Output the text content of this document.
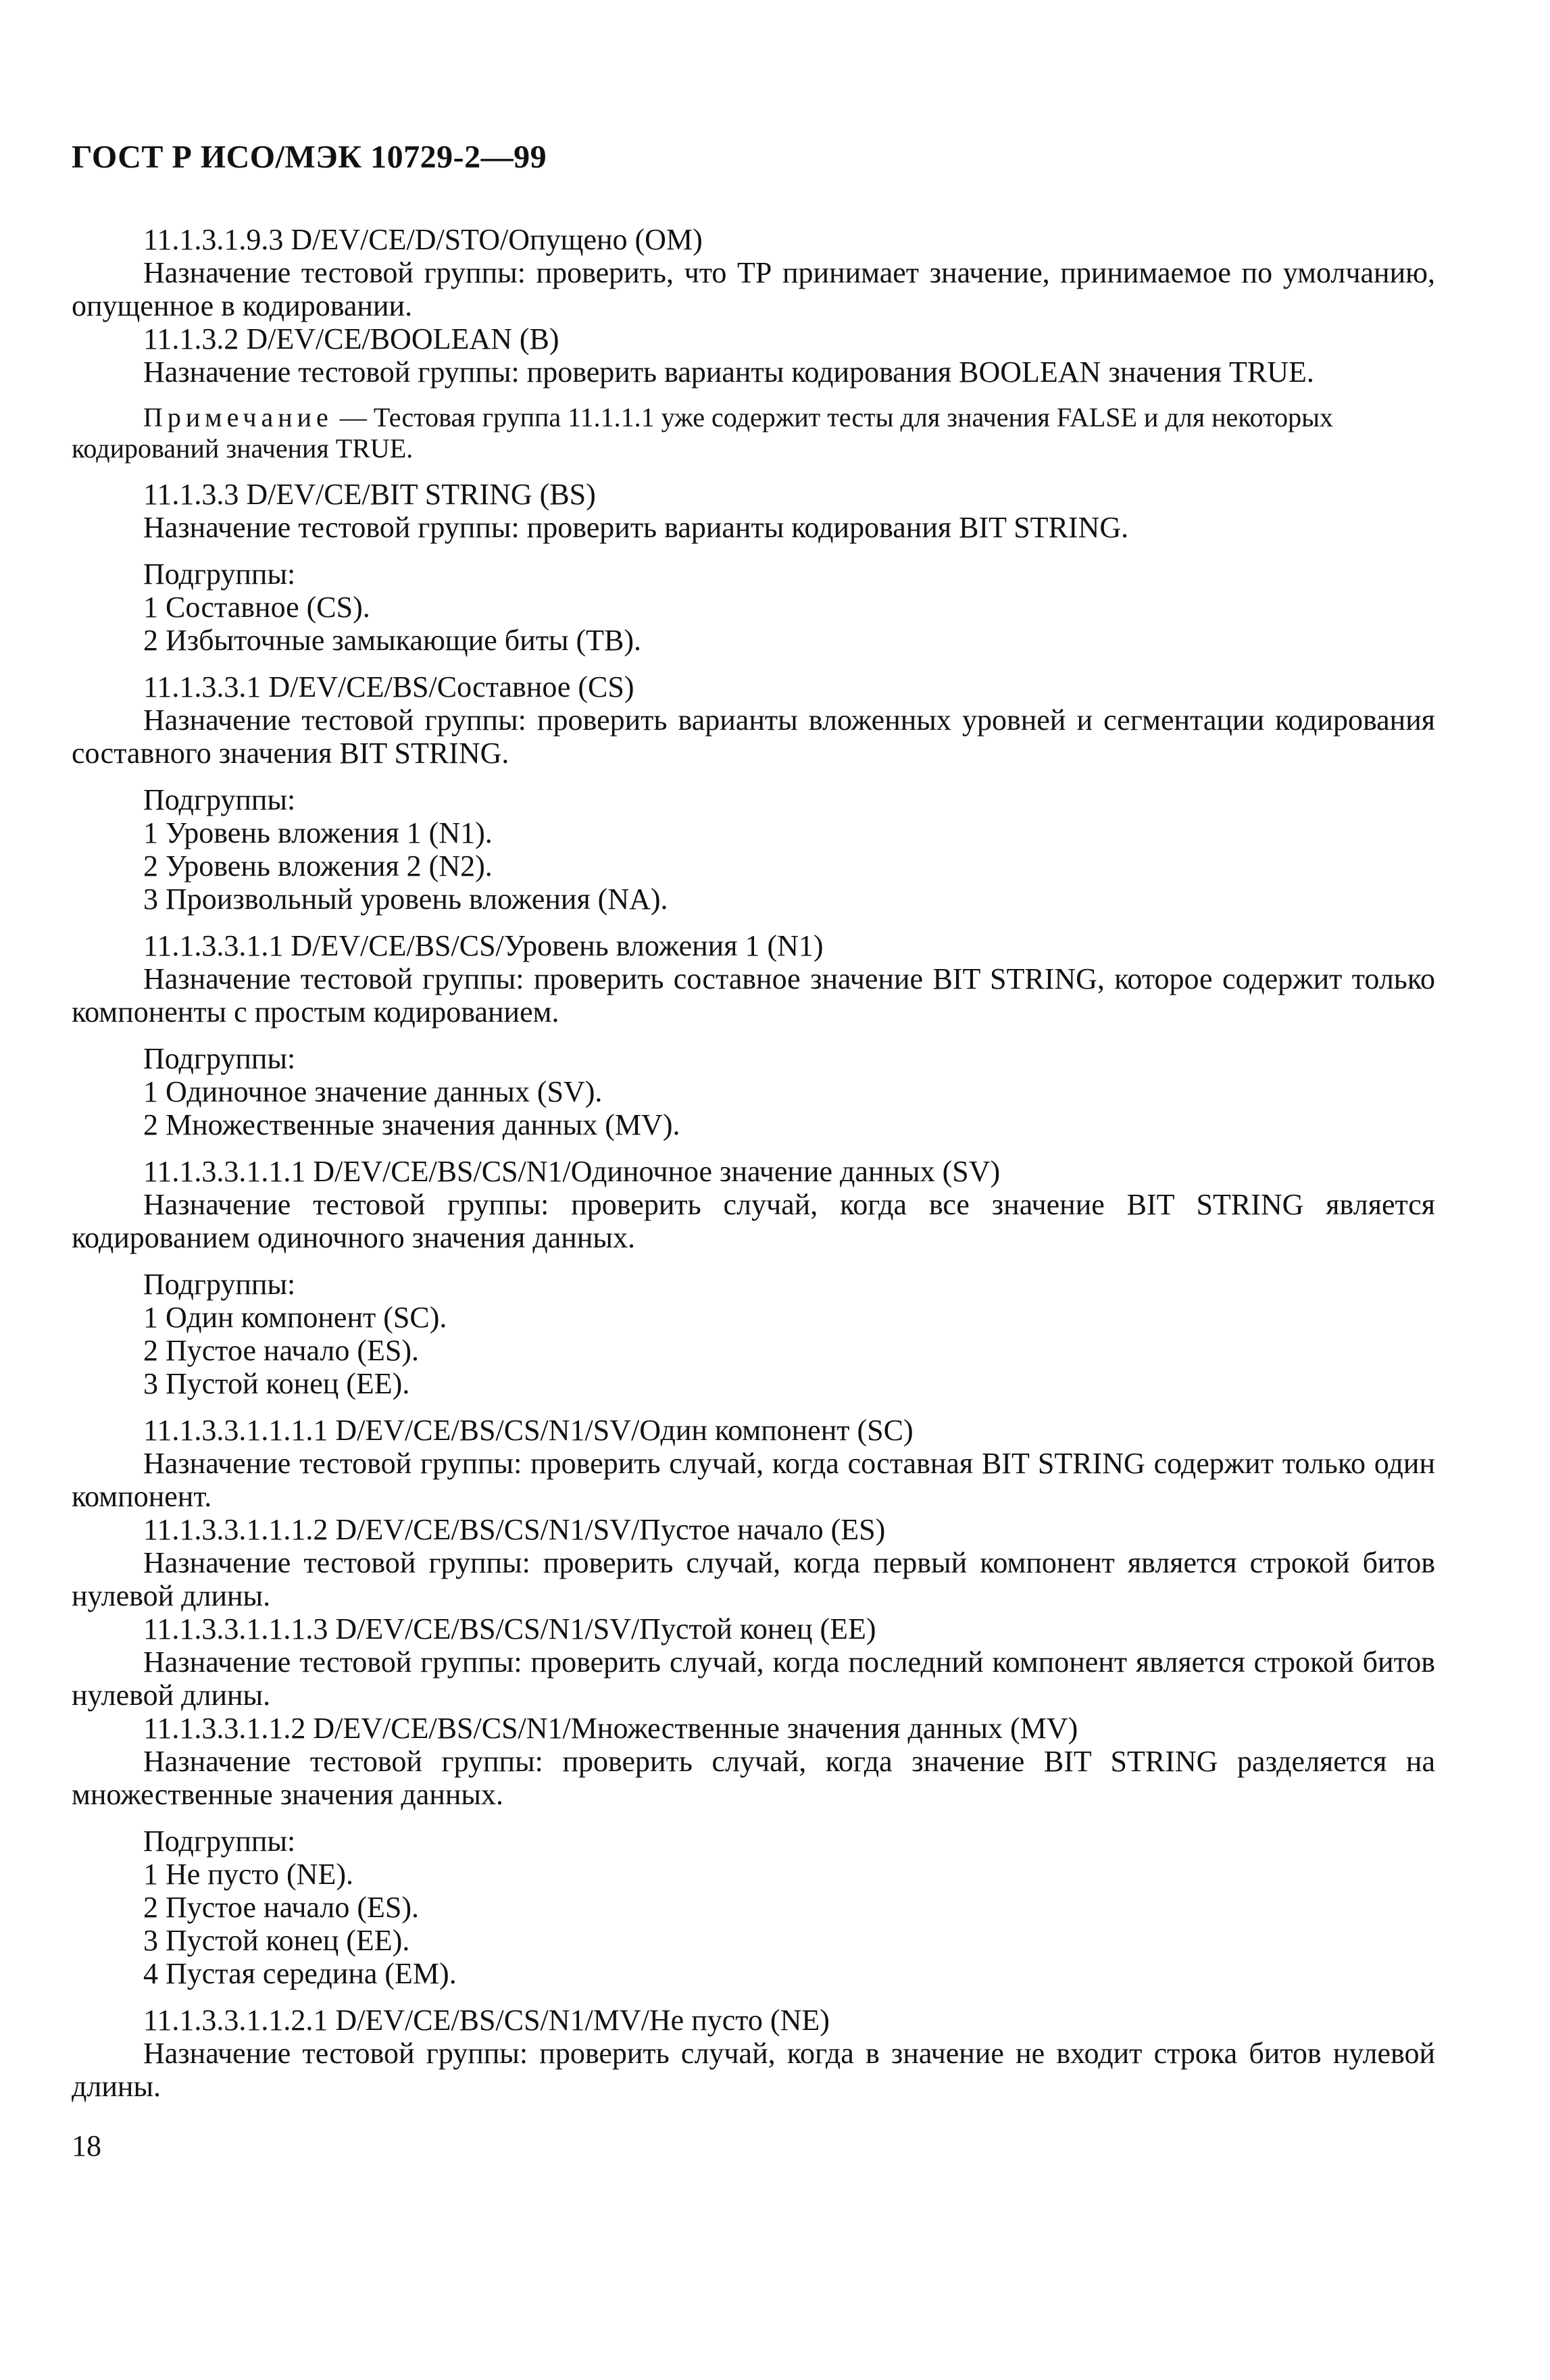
ГОСТ Р ИСО/МЭК 10729-2—99

11.1.3.1.9.3 D/EV/CE/D/STO/Опущено (ОМ)

Назначение тестовой группы: проверить, что ТР принимает значение, принимаемое по умолчанию, опущенное в кодировании.

11.1.3.2 D/EV/CE/BOOLEAN (В)

Назначение тестовой группы: проверить варианты кодирования BOOLEAN значения TRUE.

Примечание — Тестовая группа 11.1.1.1 уже содержит тесты для значения FALSE и для некоторых кодирований значения TRUE.

11.1.3.3 D/EV/CE/BIT STRING (BS)

Назначение тестовой группы: проверить варианты кодирования BIT STRING.

Подгруппы:

1 Составное (CS).

2 Избыточные замыкающие биты (ТВ).

11.1.3.3.1 D/EV/CE/BS/Составное (CS)

Назначение тестовой группы: проверить варианты вложенных уровней и сегментации кодирования составного значения BIT STRING.

Подгруппы:

1 Уровень вложения 1 (N1).

2 Уровень вложения 2 (N2).

3 Произвольный уровень вложения (NA).

11.1.3.3.1.1 D/EV/CE/BS/CS/Уровень вложения 1 (N1)

Назначение тестовой группы: проверить составное значение BIT STRING, которое содержит только компоненты с простым кодированием.

Подгруппы:

1 Одиночное значение данных (SV).

2 Множественные значения данных (MV).

11.1.3.3.1.1.1 D/EV/CE/BS/CS/N1/Одиночное значение данных (SV)

Назначение тестовой группы: проверить случай, когда все значение BIT STRING является кодированием одиночного значения данных.

Подгруппы:

1 Один компонент (SC).

2 Пустое начало (ES).

3 Пустой конец (ЕЕ).

11.1.3.3.1.1.1.1 D/EV/CE/BS/CS/N1/SV/Один компонент (SC)

Назначение тестовой группы: проверить случай, когда составная BIT STRING содержит только один компонент.

11.1.3.3.1.1.1.2 D/EV/CE/BS/CS/N1/SV/Пустое начало (ES)

Назначение тестовой группы: проверить случай, когда первый компонент является строкой битов нулевой длины.

11.1.3.3.1.1.1.3 D/EV/CE/BS/CS/N1/SV/Пустой конец (ЕЕ)

Назначение тестовой группы: проверить случай, когда последний компонент является строкой битов нулевой длины.

11.1.3.3.1.1.2 D/EV/CE/BS/CS/N1/Множественные значения данных (MV)

Назначение тестовой группы: проверить случай, когда значение BIT STRING разделяется на множественные значения данных.

Подгруппы:

1 Не пусто (NE).

2 Пустое начало (ES).

3 Пустой конец (ЕЕ).

4 Пустая середина (ЕМ).

11.1.3.3.1.1.2.1 D/EV/CE/BS/CS/N1/MV/Не пусто (NE)

Назначение тестовой группы: проверить случай, когда в значение не входит строка битов нулевой длины.

18
